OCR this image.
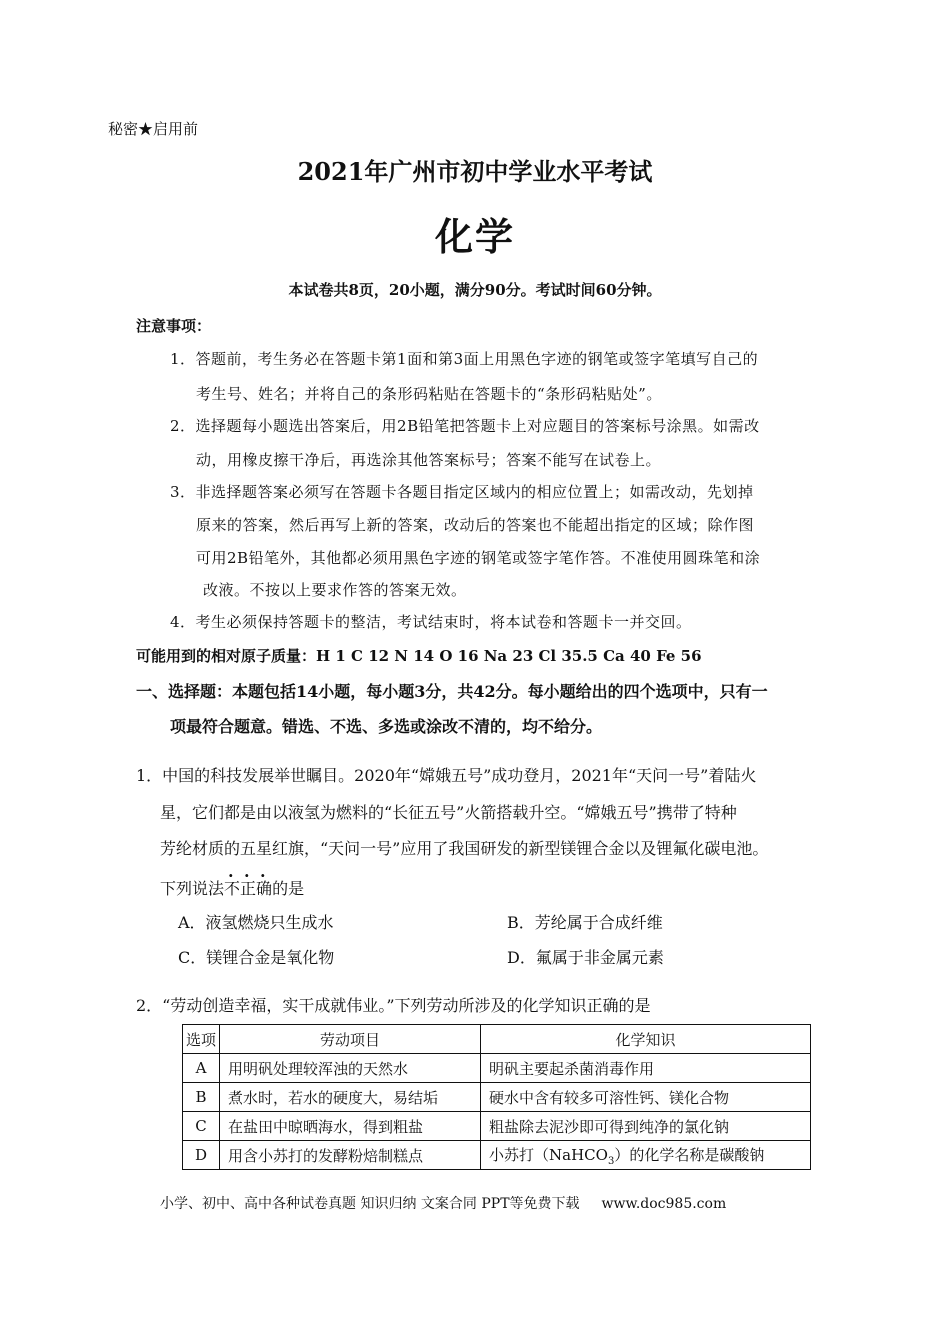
秘密★启用前
2021年广州市初中学业水平考试
化学
本试卷共8页，20小题，满分90分。考试时间60分钟。
注意事项：
1．答题前，考生务必在答题卡第1面和第3面上用黑色字迹的钢笔或签字笔填写自己的
考生号、姓名；并将自己的条形码粘贴在答题卡的“条形码粘贴处”。
2．选择题每小题选出答案后，用2B铅笔把答题卡上对应题目的答案标号涂黑。如需改
动，用橡皮擦干净后，再选涂其他答案标号；答案不能写在试卷上。
3．非选择题答案必须写在答题卡各题目指定区域内的相应位置上；如需改动，先划掉
原来的答案，然后再写上新的答案，改动后的答案也不能超出指定的区域；除作图
可用2B铅笔外，其他都必须用黑色字迹的钢笔或签字笔作答。不准使用圆珠笔和涂
改液。不按以上要求作答的答案无效。
4．考生必须保持答题卡的整洁，考试结束时，将本试卷和答题卡一并交回。
可能用到的相对原子质量：H 1 C 12 N 14 O 16 Na 23 Cl 35.5 Ca 40 Fe 56
一、选择题：本题包括14小题，每小题3分，共42分。每小题给出的四个选项中，只有一
项最符合题意。错选、不选、多选或涂改不清的，均不给分。
1．中国的科技发展举世瞩目。2020年“嫦娥五号”成功登月，2021年“天问一号”着陆火
星，它们都是由以液氢为燃料的“长征五号”火箭搭载升空。“嫦娥五号”携带了特种
芳纶材质的五星红旗，“天问一号”应用了我国研发的新型镁锂合金以及锂氟化碳电池。
下列说法不正确的是
A．液氢燃烧只生成水	B．芳纶属于合成纤维
C．镁锂合金是氧化物	D．氟属于非金属元素
2．“劳动创造幸福，实干成就伟业。”下列劳动所涉及的化学知识正确的是
选项	劳动项目	化学知识
A	用明矾处理较浑浊的天然水	明矾主要起杀菌消毒作用
B	煮水时，若水的硬度大，易结垢	硬水中含有较多可溶性钙、镁化合物
C	在盐田中晾晒海水，得到粗盐	粗盐除去泥沙即可得到纯净的氯化钠
D	用含小苏打的发酵粉焙制糕点	小苏打（NaHCO$_3$）的化学名称是碳酸钠
小学、初中、高中各种试卷真题 知识归纳 文案合同 PPT等免费下载 www.doc985.com
